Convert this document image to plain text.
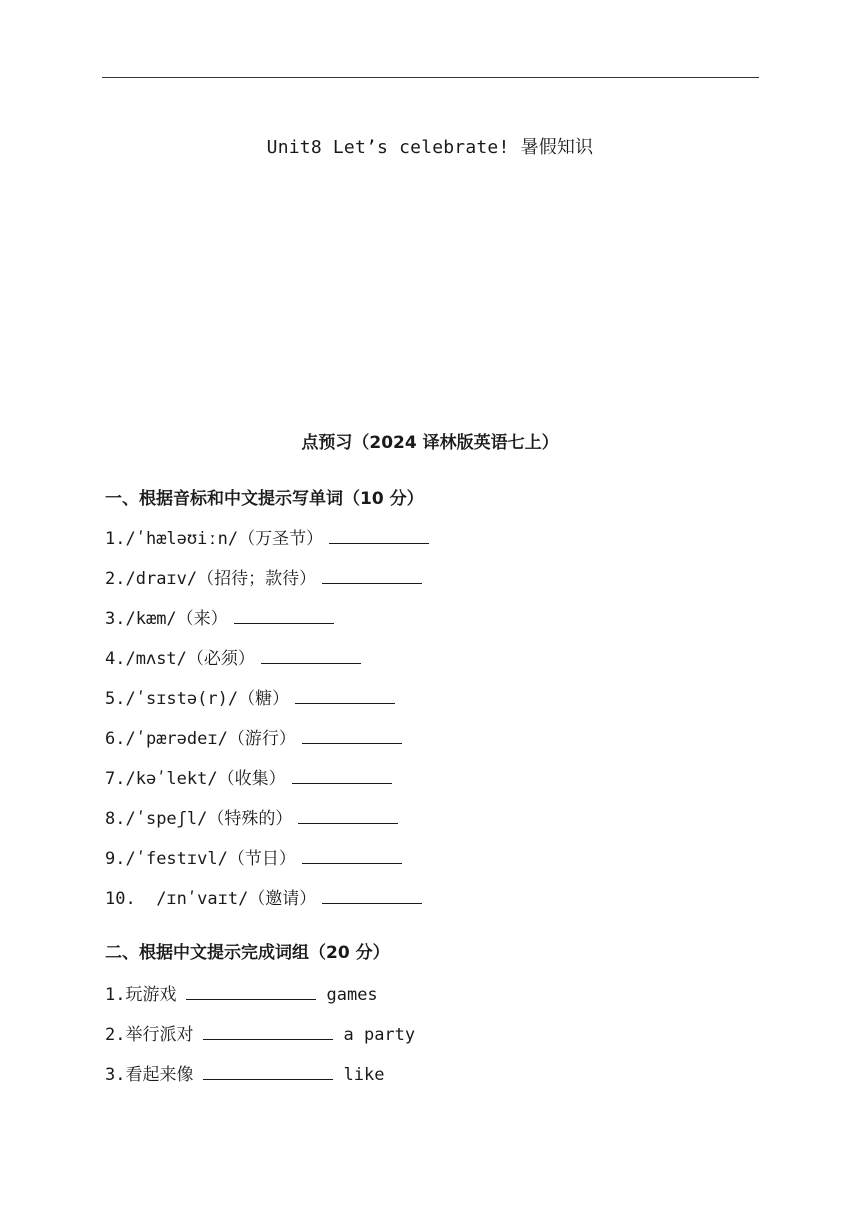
Unit8 Let’s celebrate! 暑假知识
点预习（2024 译林版英语七上）
一、根据音标和中文提示写单词（10 分）
1./ʹhæləʊiːn/（万圣节）
2./draɪv/（招待；款待）
3./kæm/（来）
4./mʌst/（必须）
5./ʹsɪstə(r)/（糖）
6./ʹpærədeɪ/（游行）
7./kəʹlekt/（收集）
8./ʹspeʃl/（特殊的）
9./ʹfestɪvl/（节日）
10.  /ɪnʹvaɪt/（邀请）
二、根据中文提示完成词组（20 分）
1.玩游戏	games
2.举行派对	a party
3.看起来像	like
